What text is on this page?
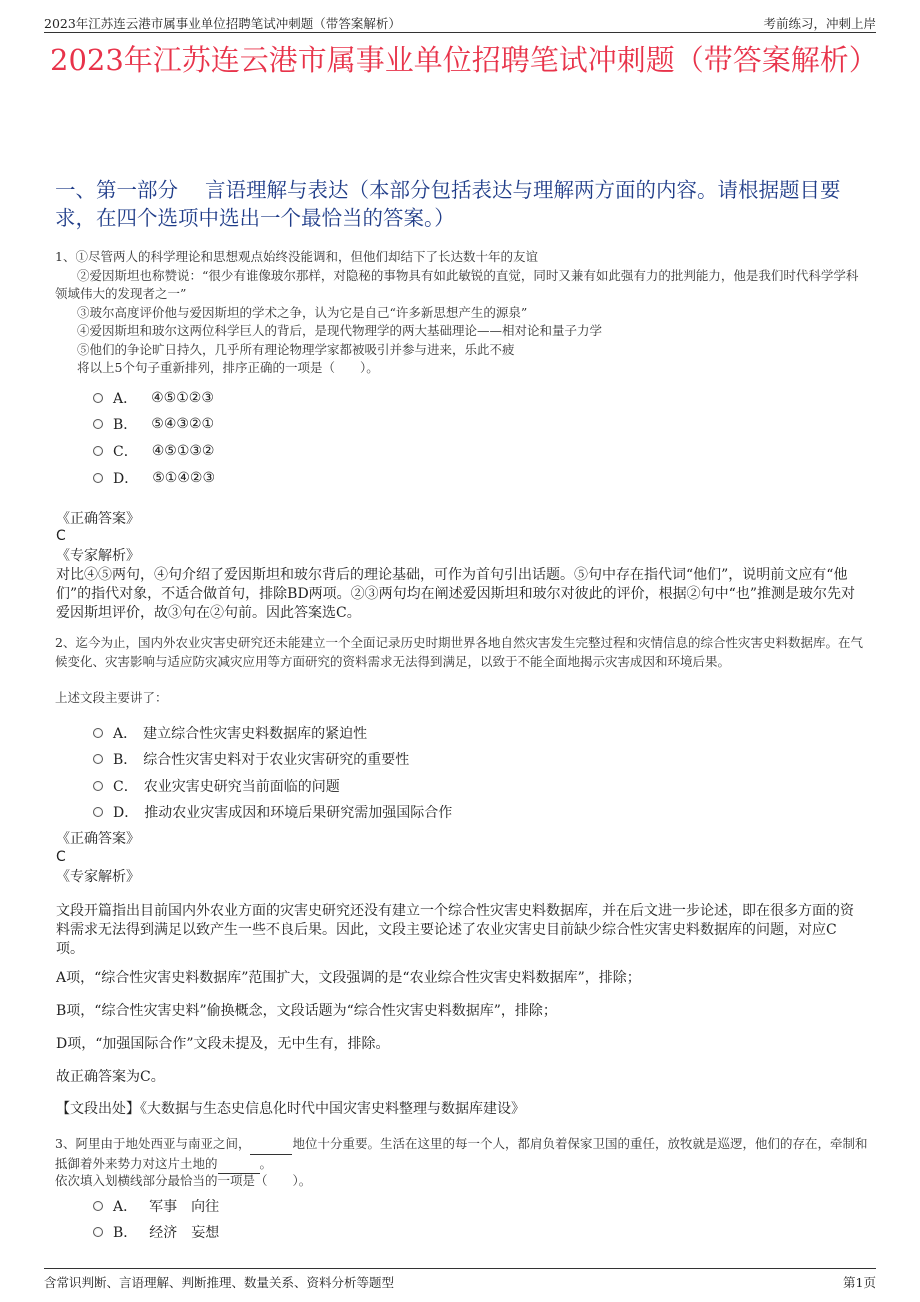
2023年江苏连云港市属事业单位招聘笔试冲刺题（带答案解析）	考前练习，冲刺上岸
2023年江苏连云港市属事业单位招聘笔试冲刺题（带答案解析）
一、第一部分　 言语理解与表达（本部分包括表达与理解两方面的内容。请根据题目要求，在四个选项中选出一个最恰当的答案。）
1、①尽管两人的科学理论和思想观点始终没能调和，但他们却结下了长达数十年的友谊
②爱因斯坦也称赞说：“很少有谁像玻尔那样，对隐秘的事物具有如此敏锐的直觉，同时又兼有如此强有力的批判能力，他是我们时代科学学科领域伟大的发现者之一”
③玻尔高度评价他与爱因斯坦的学术之争，认为它是自己“许多新思想产生的源泉”
④爱因斯坦和玻尔这两位科学巨人的背后，是现代物理学的两大基础理论——相对论和量子力学
⑤他们的争论旷日持久，几乎所有理论物理学家都被吸引并参与进来，乐此不疲
将以上5个句子重新排列，排序正确的一项是（　　）。
A． ④⑤①②③
B． ⑤④③②①
C． ④⑤①③②
D． ⑤①④②③
《正确答案》
C
《专家解析》
对比④⑤两句，④句介绍了爱因斯坦和玻尔背后的理论基础，可作为首句引出话题。⑤句中存在指代词“他们”，说明前文应有“他们”的指代对象，不适合做首句，排除BD两项。②③两句均在阐述爱因斯坦和玻尔对彼此的评价，根据②句中“也”推测是玻尔先对爱因斯坦评价，故③句在②句前。因此答案选C。
2、迄今为止，国内外农业灾害史研究还未能建立一个全面记录历史时期世界各地自然灾害发生完整过程和灾情信息的综合性灾害史料数据库。在气候变化、灾害影响与适应防灾减灾应用等方面研究的资料需求无法得到满足，以致于不能全面地揭示灾害成因和环境后果。
上述文段主要讲了：
A． 建立综合性灾害史料数据库的紧迫性
B． 综合性灾害史料对于农业灾害研究的重要性
C． 农业灾害史研究当前面临的问题
D． 推动农业灾害成因和环境后果研究需加强国际合作
《正确答案》
C
《专家解析》
文段开篇指出目前国内外农业方面的灾害史研究还没有建立一个综合性灾害史料数据库，并在后文进一步论述，即在很多方面的资料需求无法得到满足以致产生一些不良后果。因此，文段主要论述了农业灾害史目前缺少综合性灾害史料数据库的问题，对应C项。
A项，“综合性灾害史料数据库”范围扩大，文段强调的是“农业综合性灾害史料数据库”，排除；
B项，“综合性灾害史料”偷换概念，文段话题为“综合性灾害史料数据库”，排除；
D项，“加强国际合作”文段未提及，无中生有，排除。
故正确答案为C。
【文段出处】《大数据与生态史信息化时代中国灾害史料整理与数据库建设》
3、阿里由于地处西亚与南亚之间，	地位十分重要。生活在这里的每一个人，都肩负着保家卫国的重任，放牧就是巡逻，他们的存在，牵制和抵御着外来势力对这片土地的	。
依次填入划横线部分最恰当的一项是（　　）。
A． 军事　向往
B． 经济　妄想
含常识判断、言语理解、判断推理、数量关系、资料分析等题型	第1页
